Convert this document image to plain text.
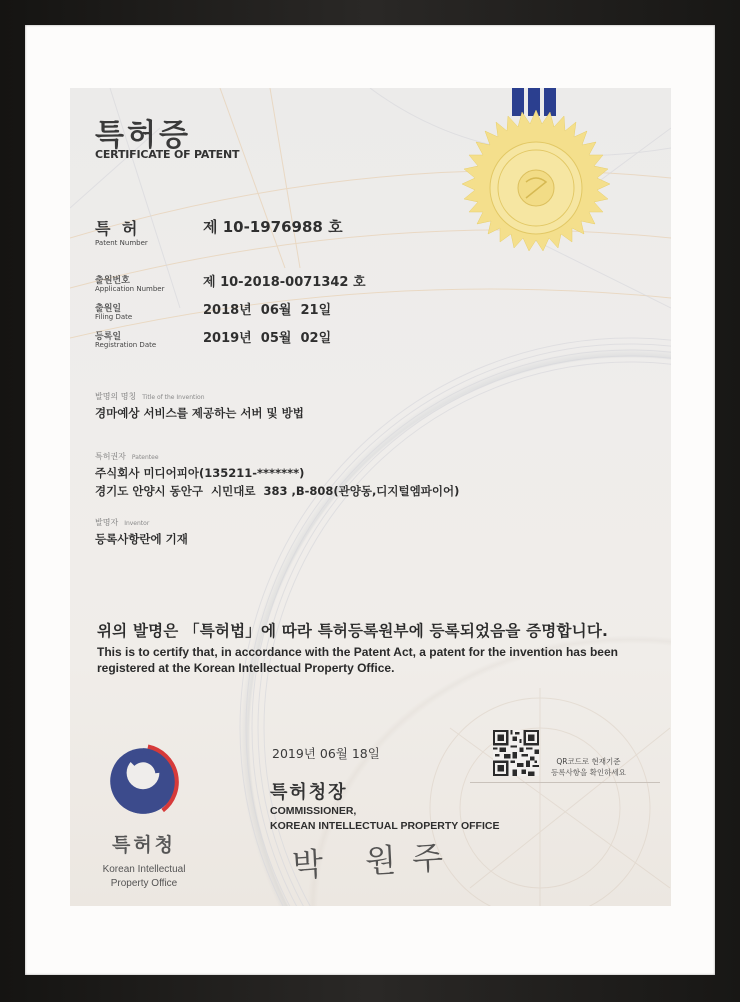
특허증
CERTIFICATE OF PATENT
특 허
Patent Number
제 10-1976988 호
출원번호
Application Number	제 10-2018-0071342 호
출원일
Filing Date	2018년  06월  21일
등록일
Registration Date	2019년  05월  02일
발명의 명칭 Title of the Invention
경마예상 서비스를 제공하는 서버 및 방법
특허권자 Patentee
주식회사 미디어피아(135211-*******)
경기도 안양시 동안구  시민대로  383 ,B-808(관양동,디지털엠파이어)
발명자 Inventor
등록사항란에 기재
위의 발명은 「특허법」에 따라 특허등록원부에 등록되었음을 증명합니다.
This is to certify that, in accordance with the Patent Act, a patent for the invention has been registered at the Korean Intellectual Property Office.
특허청
Korean Intellectual
Property Office
2019년 06월 18일
QR코드로 현재기준
등록사항을 확인하세요
특허청장
COMMISSIONER,
KOREAN INTELLECTUAL PROPERTY OFFICE
박 원주
